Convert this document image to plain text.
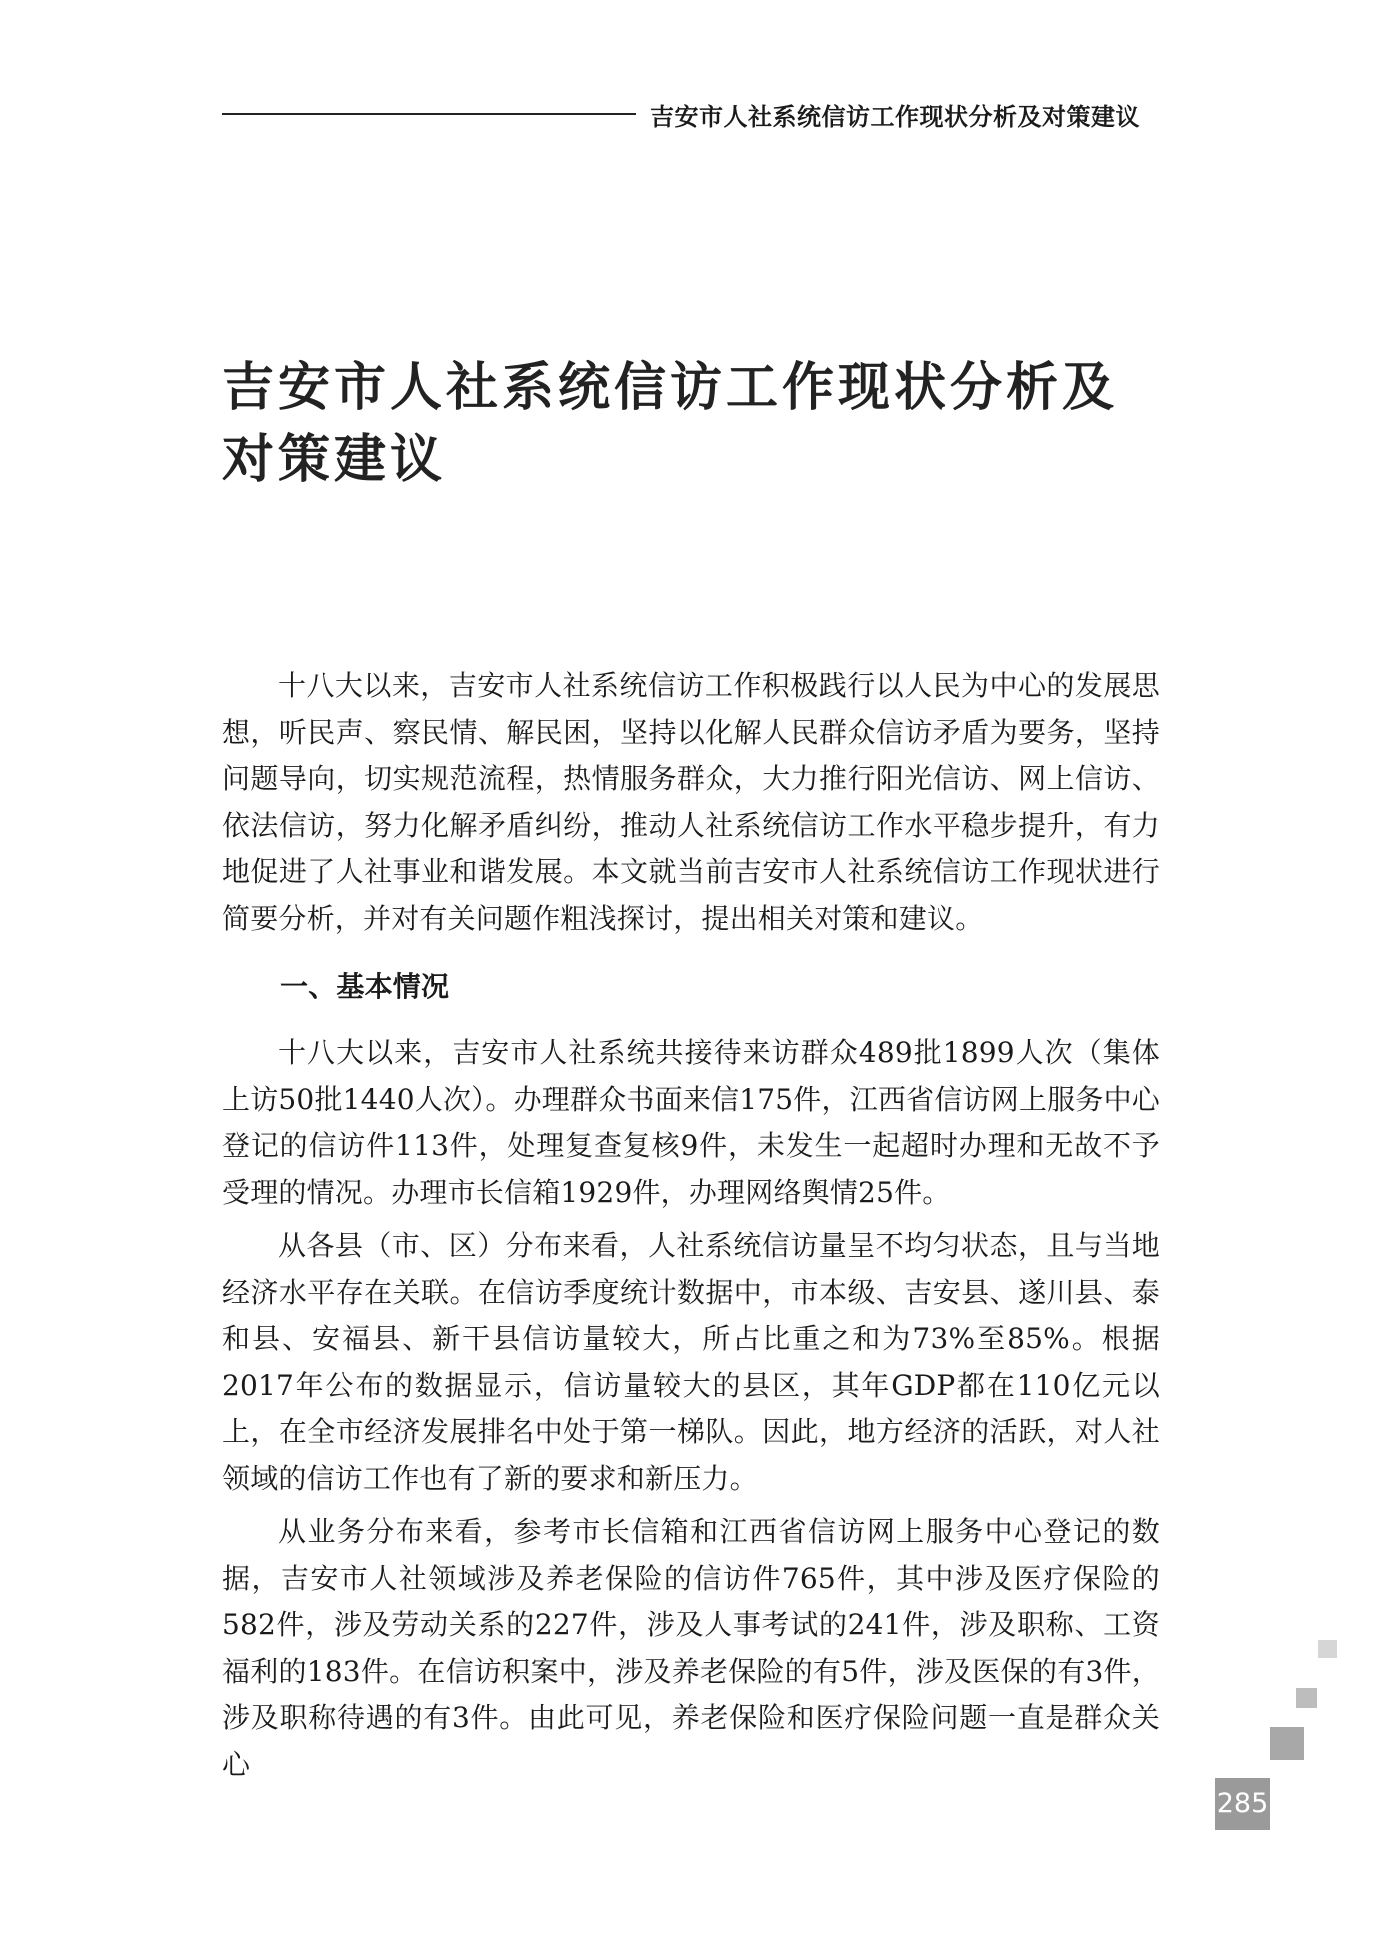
吉安市人社系统信访工作现状分析及对策建议
吉安市人社系统信访工作现状分析及
对策建议

十八大以来，吉安市人社系统信访工作积极践行以人民为中心的发展思想，听民声、察民情、解民困，坚持以化解人民群众信访矛盾为要务，坚持问题导向，切实规范流程，热情服务群众，大力推行阳光信访、网上信访、依法信访，努力化解矛盾纠纷，推动人社系统信访工作水平稳步提升，有力地促进了人社事业和谐发展。本文就当前吉安市人社系统信访工作现状进行简要分析，并对有关问题作粗浅探讨，提出相关对策和建议。

一、基本情况

十八大以来，吉安市人社系统共接待来访群众489批1899人次（集体上访50批1440人次）。办理群众书面来信175件，江西省信访网上服务中心登记的信访件113件，处理复查复核9件，未发生一起超时办理和无故不予受理的情况。办理市长信箱1929件，办理网络舆情25件。

从各县（市、区）分布来看，人社系统信访量呈不均匀状态，且与当地经济水平存在关联。在信访季度统计数据中，市本级、吉安县、遂川县、泰和县、安福县、新干县信访量较大，所占比重之和为73%至85%。根据2017年公布的数据显示，信访量较大的县区，其年GDP都在110亿元以上，在全市经济发展排名中处于第一梯队。因此，地方经济的活跃，对人社领域的信访工作也有了新的要求和新压力。

从业务分布来看，参考市长信箱和江西省信访网上服务中心登记的数据，吉安市人社领域涉及养老保险的信访件765件，其中涉及医疗保险的582件，涉及劳动关系的227件，涉及人事考试的241件，涉及职称、工资福利的183件。在信访积案中，涉及养老保险的有5件，涉及医保的有3件，涉及职称待遇的有3件。由此可见，养老保险和医疗保险问题一直是群众关心

285
